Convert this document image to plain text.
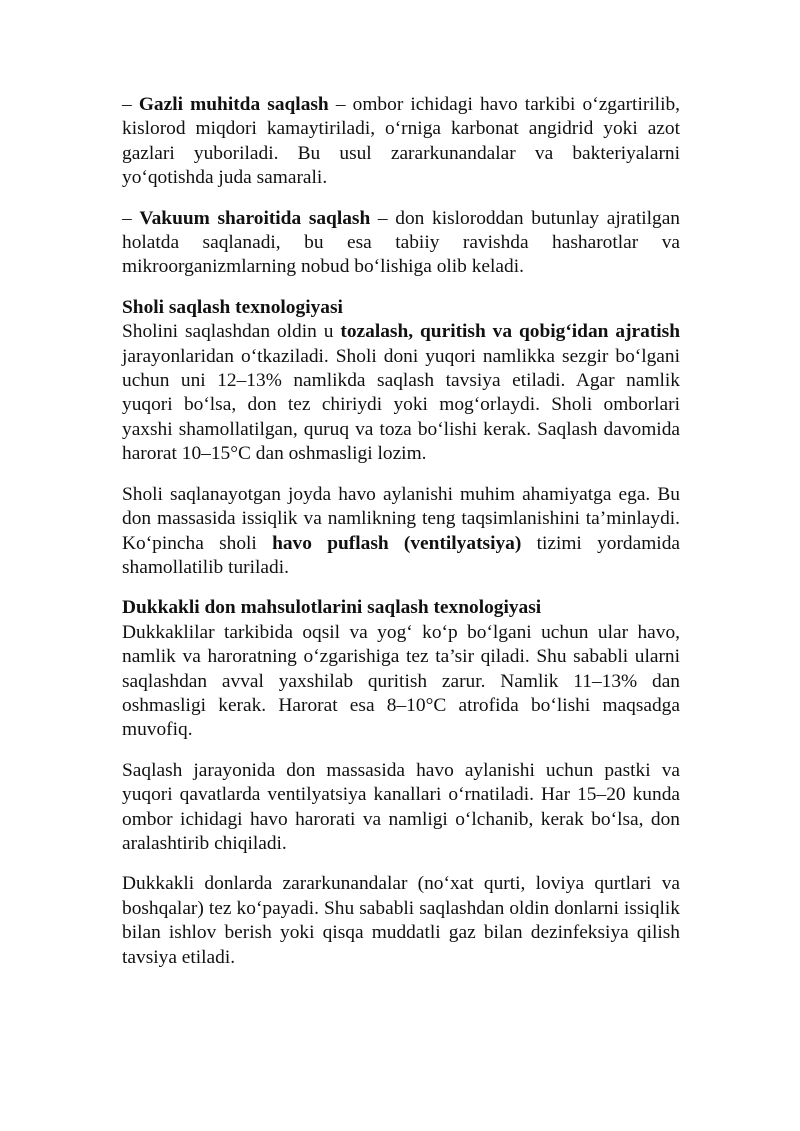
– Gazli muhitda saqlash – ombor ichidagi havo tarkibi o‘zgartirilib, kislorod miqdori kamaytiriladi, o‘rniga karbonat angidrid yoki azot gazlari yuboriladi. Bu usul zararkunandalar va bakteriyalarni yo‘qotishda juda samarali.

– Vakuum sharoitida saqlash – don kisloroddan butunlay ajratilgan holatda saqlanadi, bu esa tabiiy ravishda hasharotlar va mikroorganizmlarning nobud bo‘lishiga olib keladi.

Sholi saqlash texnologiyasi

Sholini saqlashdan oldin u tozalash, quritish va qobig‘idan ajratish jarayonlaridan o‘tkaziladi. Sholi doni yuqori namlikka sezgir bo‘lgani uchun uni 12–13% namlikda saqlash tavsiya etiladi. Agar namlik yuqori bo‘lsa, don tez chiriydi yoki mog‘orlaydi. Sholi omborlari yaxshi shamollatilgan, quruq va toza bo‘lishi kerak. Saqlash davomida harorat 10–15°C dan oshmasligi lozim.

Sholi saqlanayotgan joyda havo aylanishi muhim ahamiyatga ega. Bu don massasida issiqlik va namlikning teng taqsimlanishini ta’minlaydi. Ko‘pincha sholi havo puflash (ventilyatsiya) tizimi yordamida shamollatilib turiladi.

Dukkakli don mahsulotlarini saqlash texnologiyasi

Dukkaklilar tarkibida oqsil va yog‘ ko‘p bo‘lgani uchun ular havo, namlik va haroratning o‘zgarishiga tez ta’sir qiladi. Shu sababli ularni saqlashdan avval yaxshilab quritish zarur. Namlik 11–13% dan oshmasligi kerak. Harorat esa 8–10°C atrofida bo‘lishi maqsadga muvofiq.

Saqlash jarayonida don massasida havo aylanishi uchun pastki va yuqori qavatlarda ventilyatsiya kanallari o‘rnatiladi. Har 15–20 kunda ombor ichidagi havo harorati va namligi o‘lchanib, kerak bo‘lsa, don aralashtirib chiqiladi.

Dukkakli donlarda zararkunandalar (no‘xat qurti, loviya qurtlari va boshqalar) tez ko‘payadi. Shu sababli saqlashdan oldin donlarni issiqlik bilan ishlov berish yoki qisqa muddatli gaz bilan dezinfeksiya qilish tavsiya etiladi.
